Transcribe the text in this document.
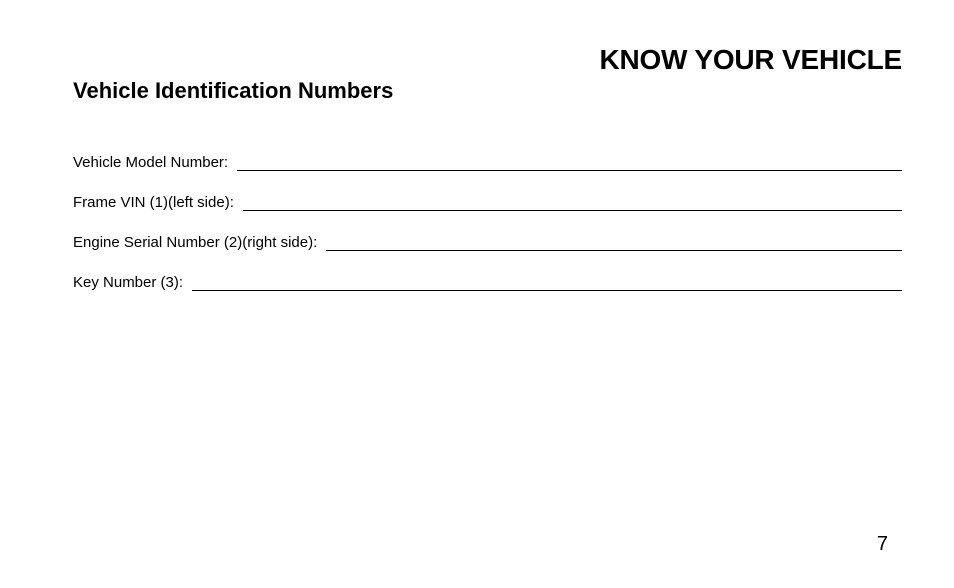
KNOW YOUR VEHICLE
Vehicle Identification Numbers
Vehicle Model Number:
Frame VIN (1)(left side):
Engine Serial Number (2)(right side):
Key Number (3):

7
